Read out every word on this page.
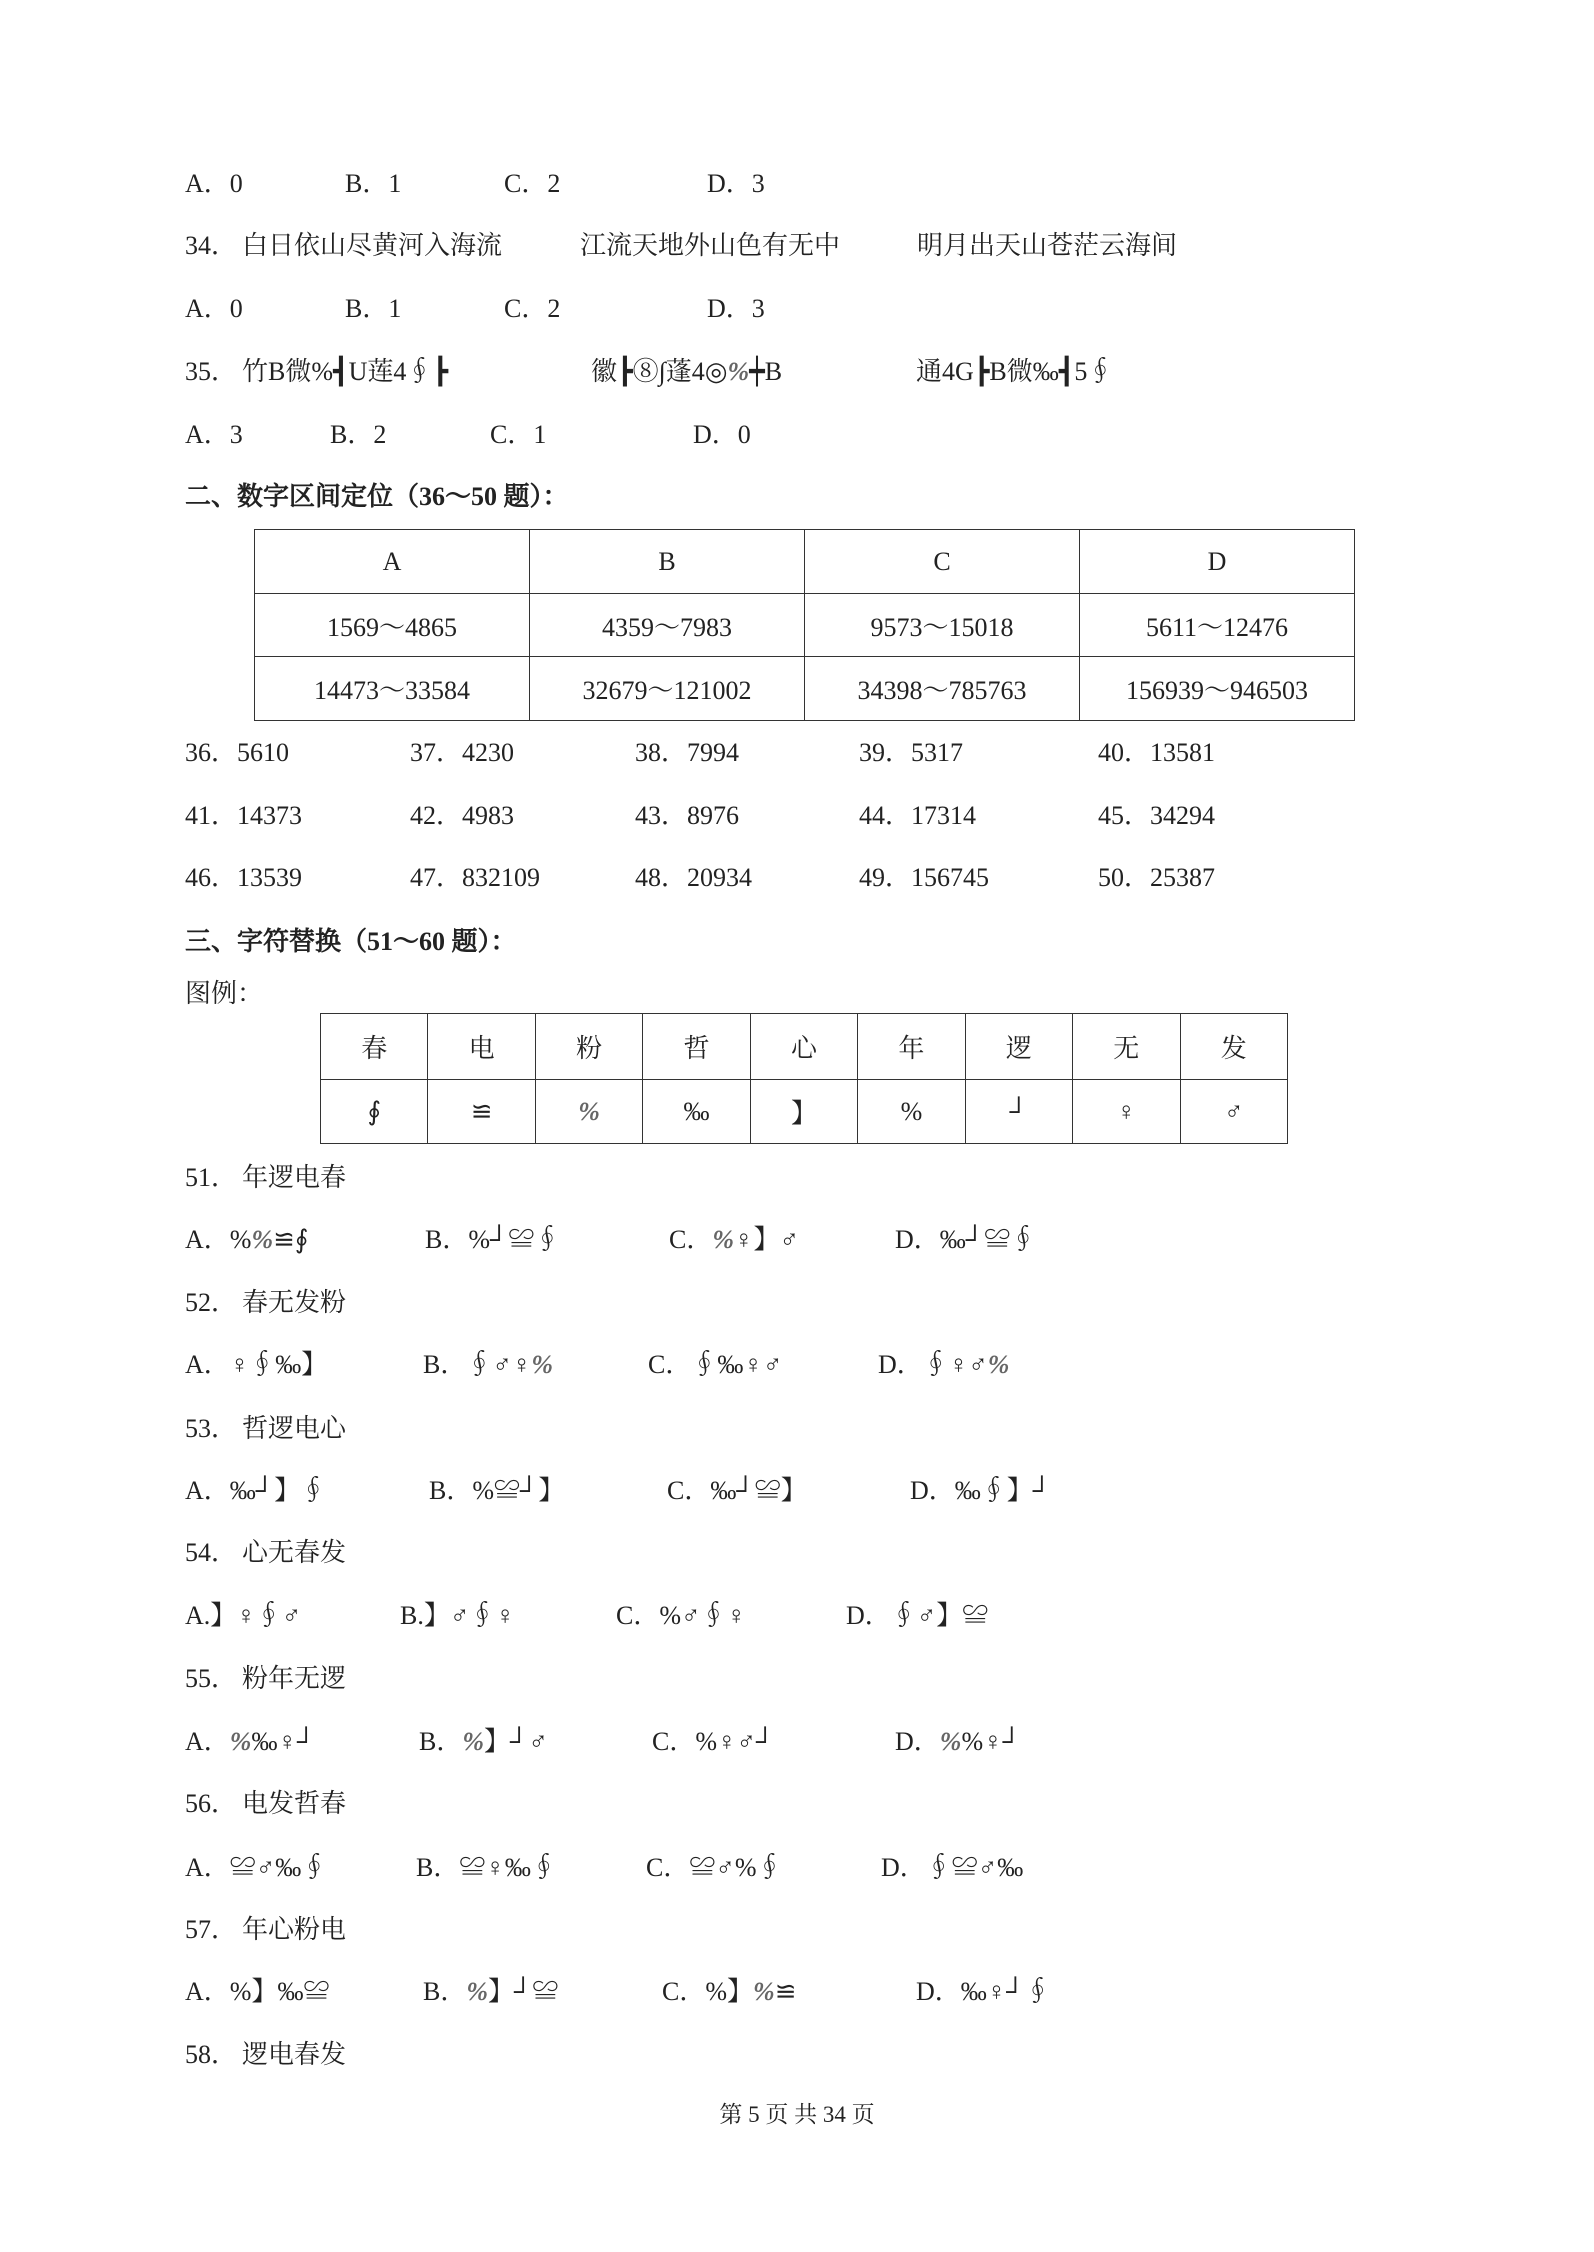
A．0	B．1	C．2	D．3
34． 白日依山尽黄河入海流	江流天地外山色有无中	明月出天山苍茫云海间
A．0	B．1	C．2	D．3
35． 竹B微%┫U莲4∮┣	徽┣⑧∫蓬4◎%┿B	通4G┣B微‰┫5∮
A．3	B．2	C．1	D．0
二、数字区间定位（36～50 题）：
A	B	C	D
1569～4865	4359～7983	9573～15018	5611～12476
14473～33584	32679～121002	34398～785763	156939～946503
36．5610	37．4230	38．7994	39．5317	40．13581
41．14373	42．4983	43．8976	44．17314	45．34294
46．13539	47．832109	48．20934	49．156745	50．25387
三、字符替换（51～60 题）：
图例：
春	电	粉	哲	心	年	逻	无	发
∮	≌	%	‰	】	%	┘	♀	♂
51． 年逻电春
A．%%≌∮	B．%┘≌∮	C．%♀】♂	D．‰┘≌∮
52． 春无发粉
A．♀∮‰】	B．∮♂♀%	C．∮‰♀♂	D．∮♀♂%
53． 哲逻电心
A．‰┘】∮	B．%≌┘】	C．‰┘≌】	D．‰∮】┘
54． 心无春发
A.】♀∮♂	B.】♂∮♀	C．%♂∮♀	D．∮♂】≌
55． 粉年无逻
A．%‰♀┘	B．%】┘♂	C．%♀♂┘	D．%%♀┘
56． 电发哲春
A．≌♂‰∮	B．≌♀‰∮	C．≌♂%∮	D．∮≌♂‰
57． 年心粉电
A．%】‰≌	B．%】┘≌	C．%】%≌	D．‰♀┘∮
58． 逻电春发
第 5 页 共 34 页
